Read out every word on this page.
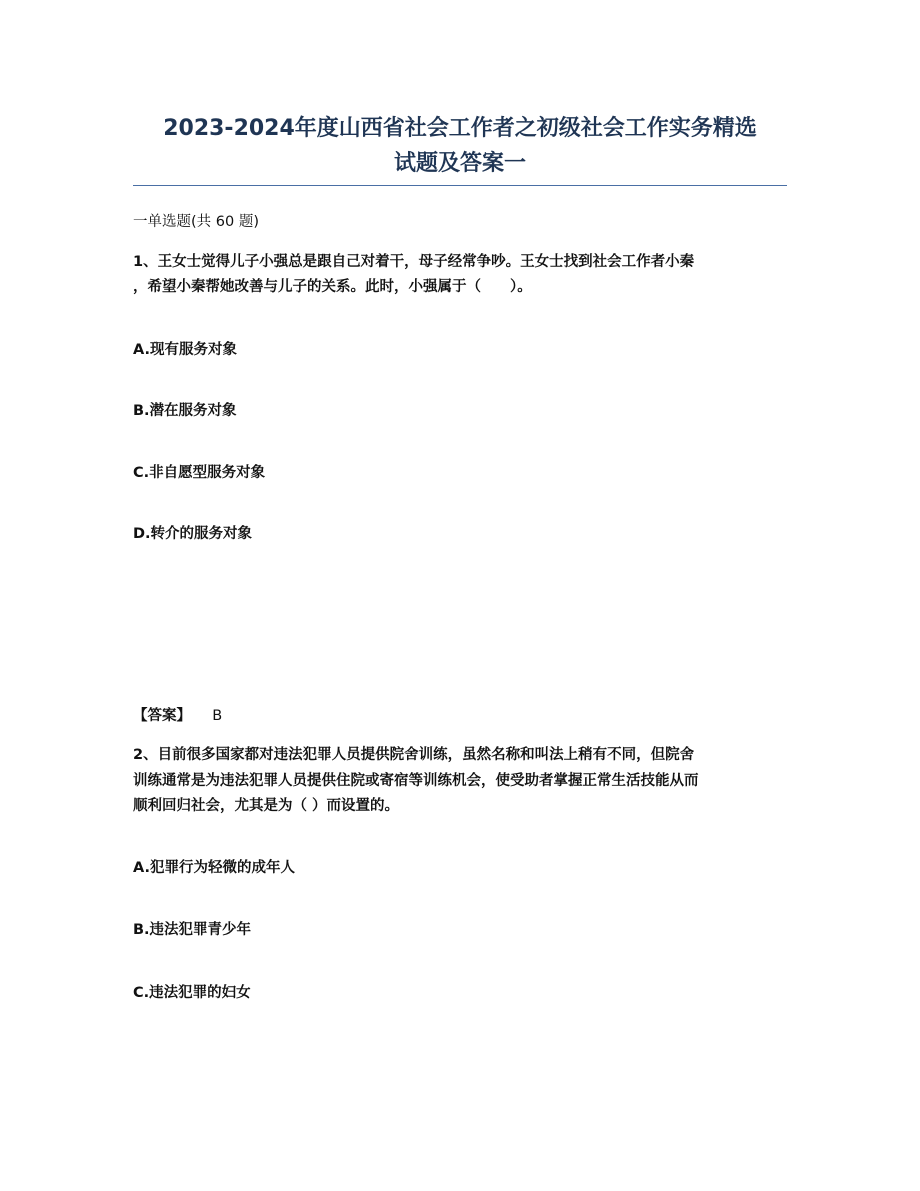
2023-2024年度山西省社会工作者之初级社会工作实务精选
试题及答案一

一单选题(共 60 题)

1、王女士觉得儿子小强总是跟自己对着干，母子经常争吵。王女士找到社会工作者小秦

，希望小秦帮她改善与儿子的关系。此时，小强属于（　　）。

A.现有服务对象

B.潜在服务对象

C.非自愿型服务对象

D.转介的服务对象

【答案】 B

2、目前很多国家都对违法犯罪人员提供院舍训练，虽然名称和叫法上稍有不同，但院舍

训练通常是为违法犯罪人员提供住院或寄宿等训练机会，使受助者掌握正常生活技能从而

顺利回归社会，尤其是为（ ）而设置的。

A.犯罪行为轻微的成年人

B.违法犯罪青少年

C.违法犯罪的妇女
